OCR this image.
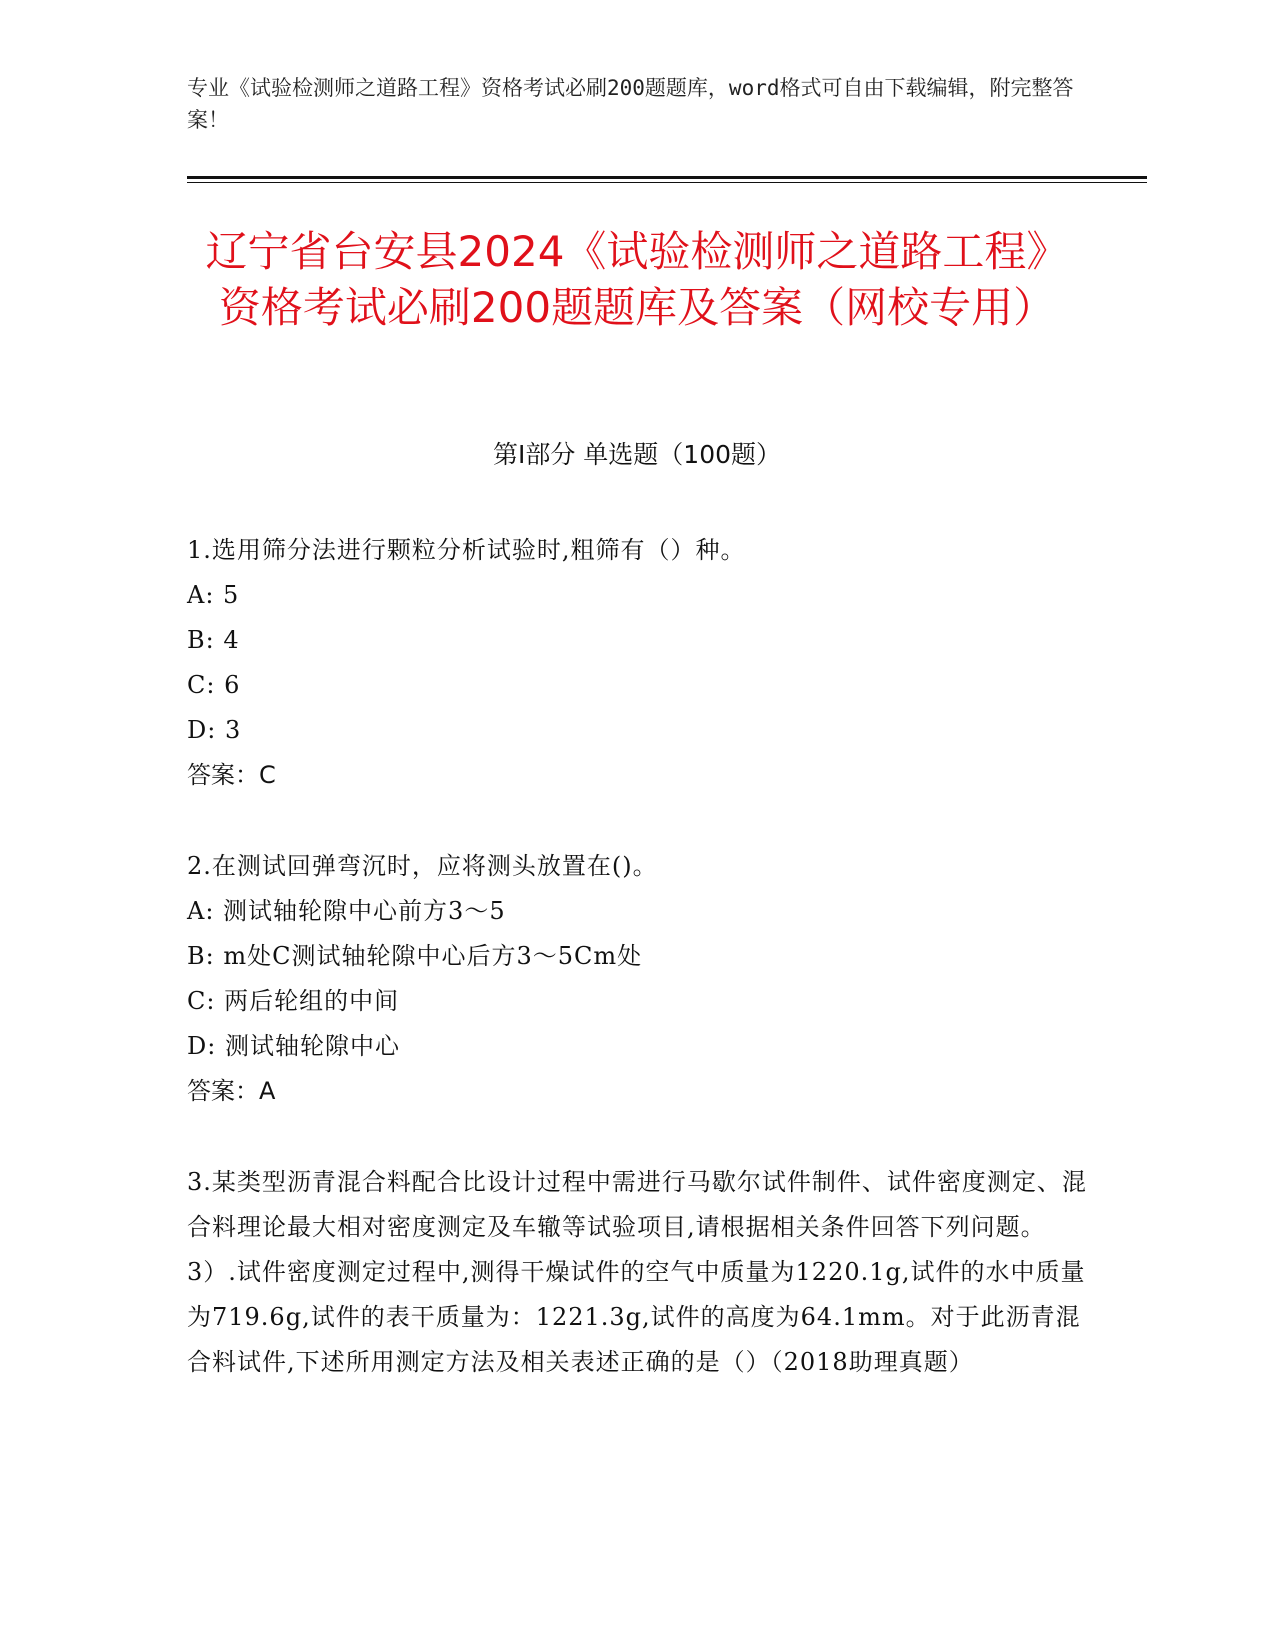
专业《试验检测师之道路工程》资格考试必刷200题题库，word格式可自由下载编辑，附完整答案！
辽宁省台安县2024《试验检测师之道路工程》资格考试必刷200题题库及答案（网校专用）
第I部分 单选题（100题）
1.选用筛分法进行颗粒分析试验时,粗筛有（）种。
A: 5
B: 4
C: 6
D: 3
答案：C
2.在测试回弹弯沉时，应将测头放置在()。
A: 测试轴轮隙中心前方3～5
B: m处C测试轴轮隙中心后方3～5Cm处
C: 两后轮组的中间
D: 测试轴轮隙中心
答案：A
3.某类型沥青混合料配合比设计过程中需进行马歇尔试件制件、试件密度测定、混合料理论最大相对密度测定及车辙等试验项目,请根据相关条件回答下列问题。3）.试件密度测定过程中,测得干燥试件的空气中质量为1220.1g,试件的水中质量为719.6g,试件的表干质量为：1221.3g,试件的高度为64.1mm。对于此沥青混合料试件,下述所用测定方法及相关表述正确的是（）（2018助理真题）
